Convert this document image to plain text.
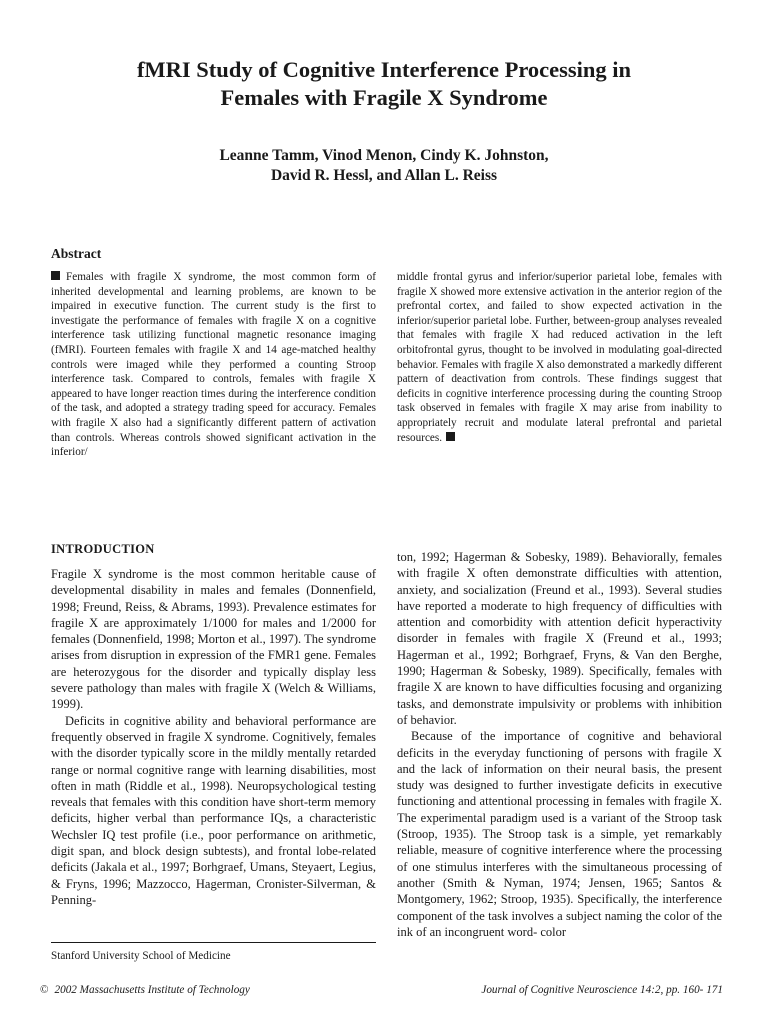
fMRI Study of Cognitive Interference Processing in
Females with Fragile X Syndrome
Leanne Tamm, Vinod Menon, Cindy K. Johnston,
David R. Hessl, and Allan L. Reiss
Abstract
Females with fragile X syndrome, the most common form of inherited developmental and learning problems, are known to be impaired in executive function. The current study is the first to investigate the performance of females with fragile X on a cognitive interference task utilizing functional magnetic resonance imaging (fMRI). Fourteen females with fragile X and 14 age-matched healthy controls were imaged while they performed a counting Stroop interference task. Compared to controls, females with fragile X appeared to have longer reaction times during the interference condition of the task, and adopted a strategy trading speed for accuracy. Females with fragile X also had a significantly different pattern of activation than controls. Whereas controls showed significant activation in the inferior/
middle frontal gyrus and inferior/superior parietal lobe, females with fragile X showed more extensive activation in the anterior region of the prefrontal cortex, and failed to show expected activation in the inferior/superior parietal lobe. Further, between-group analyses revealed that females with fragile X had reduced activation in the left orbitofrontal gyrus, thought to be involved in modulating goal-directed behavior. Females with fragile X also demonstrated a markedly different pattern of deactivation from controls. These findings suggest that deficits in cognitive interference processing during the counting Stroop task observed in females with fragile X may arise from inability to appropriately recruit and modulate lateral prefrontal and parietal resources.
INTRODUCTION

Fragile X syndrome is the most common heritable cause of developmental disability in males and females (Donnenfield, 1998; Freund, Reiss, & Abrams, 1993). Prevalence estimates for fragile X are approximately 1/1000 for males and 1/2000 for females (Donnenfield, 1998; Morton et al., 1997). The syndrome arises from disruption in expression of the FMR1 gene. Females are heterozygous for the disorder and typically display less severe pathology than males with fragile X (Welch & Williams, 1999).

Deficits in cognitive ability and behavioral performance are frequently observed in fragile X syndrome. Cognitively, females with the disorder typically score in the mildly mentally retarded range or normal cognitive range with learning disabilities, most often in math (Riddle et al., 1998). Neuropsychological testing reveals that females with this condition have short-term memory deficits, higher verbal than performance IQs, a characteristic Wechsler IQ test profile (i.e., poor performance on arithmetic, digit span, and block design subtests), and frontal lobe-related deficits (Jakala et al., 1997; Borhgraef, Umans, Steyaert, Legius, & Fryns, 1996; Mazzocco, Hagerman, Cronister-Silverman, & Penning-

ton, 1992; Hagerman & Sobesky, 1989). Behaviorally, females with fragile X often demonstrate difficulties with attention, anxiety, and socialization (Freund et al., 1993). Several studies have reported a moderate to high frequency of difficulties with attention and comorbidity with attention deficit hyperactivity disorder in females with fragile X (Freund et al., 1993; Hagerman et al., 1992; Borhgraef, Fryns, & Van den Berghe, 1990; Hagerman & Sobesky, 1989). Specifically, females with fragile X are known to have difficulties focusing and organizing tasks, and demonstrate impulsivity or problems with inhibition of behavior.

Because of the importance of cognitive and behavioral deficits in the everyday functioning of persons with fragile X and the lack of information on their neural basis, the present study was designed to further investigate deficits in executive functioning and attentional processing in females with fragile X. The experimental paradigm used is a variant of the Stroop task (Stroop, 1935). The Stroop task is a simple, yet remarkably reliable, measure of cognitive interference where the processing of one stimulus interferes with the simultaneous processing of another (Smith & Nyman, 1974; Jensen, 1965; Santos & Montgomery, 1962; Stroop, 1935). Specifically, the interference component of the task involves a subject naming the color of the ink of an incongruent word- color

Stanford University School of Medicine
© 2002 Massachusetts Institute of Technology	Journal of Cognitive Neuroscience 14:2, pp. 160- 171
